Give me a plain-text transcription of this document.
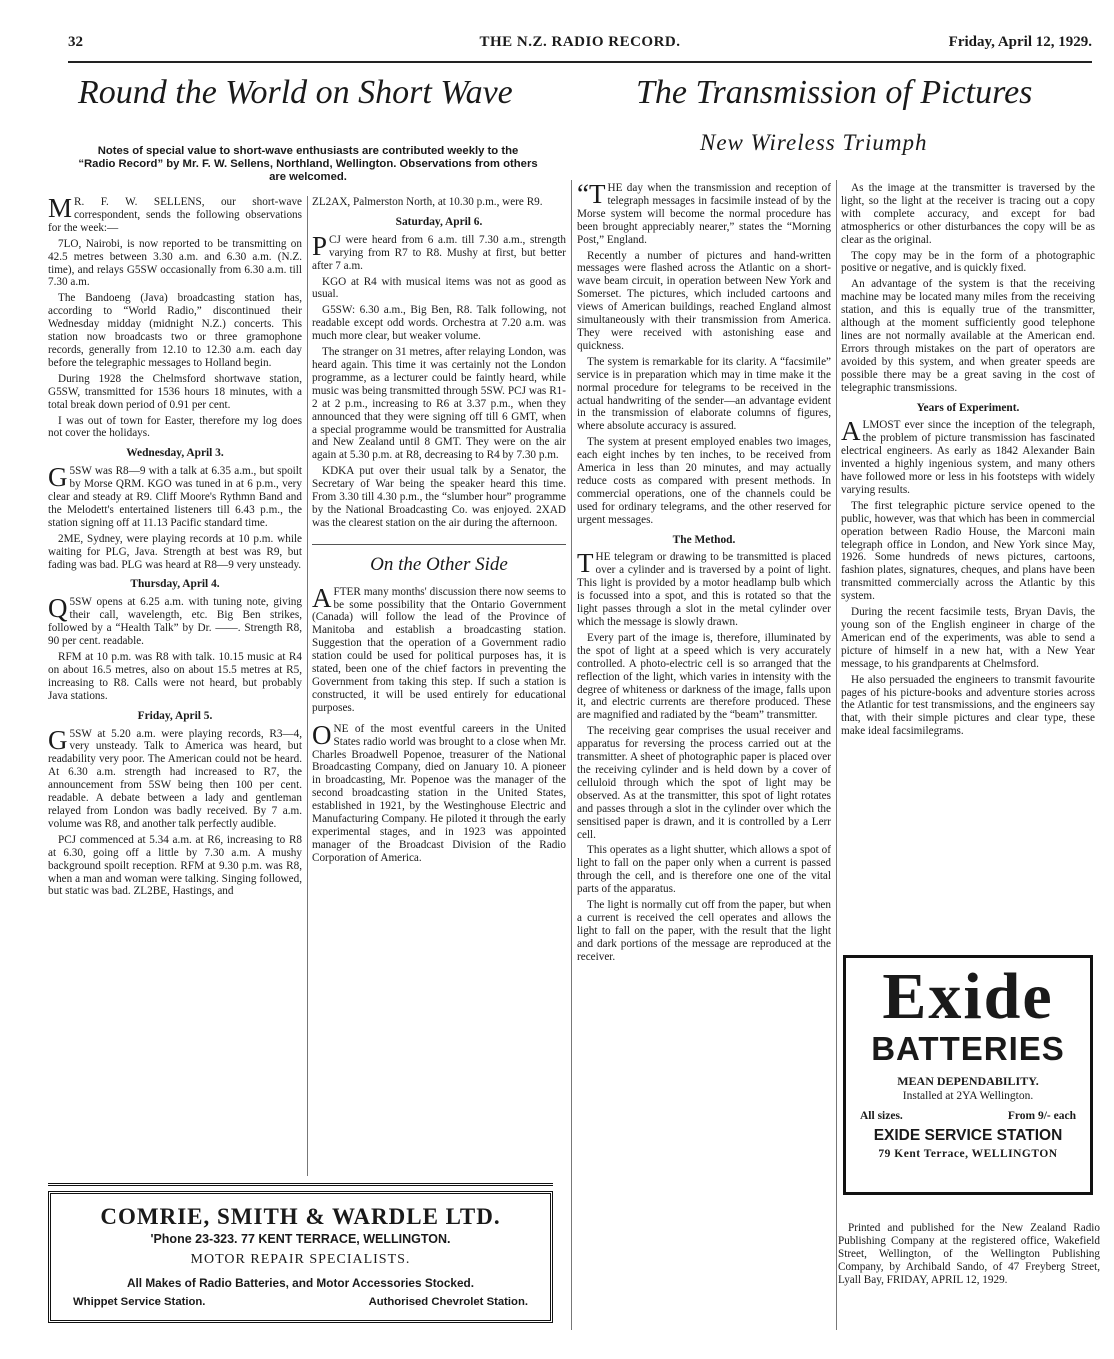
32	THE N.Z. RADIO RECORD.	Friday, April 12, 1929.
Round the World on Short Wave	The Transmission of Pictures
New Wireless Triumph
Notes of special value to short-wave enthusiasts are contributed weekly to the “Radio Record” by Mr. F. W. Sellens, Northland, Wellington. Observations from others are welcomed.

M R. F. W. SELLENS, our short-wave correspondent, sends the following observations for the week:—

7LO, Nairobi, is now reported to be transmitting on 42.5 metres between 3.30 a.m. and 6.30 a.m. (N.Z. time), and relays G5SW occasionally from 6.30 a.m. till 7.30 a.m.

The Bandoeng (Java) broadcasting station has, according to “World Radio,” discontinued their Wednesday midday (midnight N.Z.) concerts. This station now broadcasts two or three gramophone records, generally from 12.10 to 12.30 a.m. each day before the telegraphic messages to Holland begin.

During 1928 the Chelmsford shortwave station, G5SW, transmitted for 1536 hours 18 minutes, with a total break down period of 0.91 per cent.

I was out of town for Easter, therefore my log does not cover the holidays.

Wednesday, April 3.

G 5SW was R8—9 with a talk at 6.35 a.m., but spoilt by Morse QRM. KGO was tuned in at 6 p.m., very clear and steady at R9. Cliff Moore's Rythmn Band and the Melodett's entertained listeners till 6.43 p.m., the station signing off at 11.13 Pacific standard time.

2ME, Sydney, were playing records at 10 p.m. while waiting for PLG, Java. Strength at best was R9, but fading was bad. PLG was heard at R8—9 very unsteady.

Thursday, April 4.

Q 5SW opens at 6.25 a.m. with tuning note, giving their call, wavelength, etc. Big Ben strikes, followed by a “Health Talk” by Dr. ——. Strength R8, 90 per cent. readable.

RFM at 10 p.m. was R8 with talk. 10.15 music at R4 on about 16.5 metres, also on about 15.5 metres at R5, increasing to R8. Calls were not heard, but probably Java stations.

Friday, April 5.

G 5SW at 5.20 a.m. were playing records, R3—4, very unsteady. Talk to America was heard, but readability very poor. The American could not be heard. At 6.30 a.m. strength had increased to R7, the announcement from 5SW being then 100 per cent. readable. A debate between a lady and gentleman relayed from London was badly received. By 7 a.m. volume was R8, and another talk perfectly audible.

PCJ commenced at 5.34 a.m. at R6, increasing to R8 at 6.30, going off a little by 7.30 a.m. A mushy background spoilt reception. RFM at 9.30 p.m. was R8, when a man and woman were talking. Singing followed, but static was bad. ZL2BE, Hastings, and

ZL2AX, Palmerston North, at 10.30 p.m., were R9.

Saturday, April 6.

PCJ were heard from 6 a.m. till 7.30 a.m., strength varying from R7 to R8. Mushy at first, but better after 7 a.m.

KGO at R4 with musical items was not as good as usual.

G5SW: 6.30 a.m., Big Ben, R8. Talk following, not readable except odd words. Orchestra at 7.20 a.m. was much more clear, but weaker volume.

The stranger on 31 metres, after relaying London, was heard again. This time it was certainly not the London programme, as a lecturer could be faintly heard, while music was being transmitted through 5SW. PCJ was R1-2 at 2 p.m., increasing to R6 at 3.37 p.m., when they announced that they were signing off till 6 GMT, when a special programme would be transmitted for Australia and New Zealand until 8 GMT. They were on the air again at 5.30 p.m. at R8, decreasing to R4 by 7.30 p.m.

KDKA put over their usual talk by a Senator, the Secretary of War being the speaker heard this time. From 3.30 till 4.30 p.m., the “slumber hour” programme by the National Broadcasting Co. was enjoyed. 2XAD was the clearest station on the air during the afternoon.

On the Other Side

AFTER many months' discussion there now seems to be some possibility that the Ontario Government (Canada) will follow the lead of the Province of Manitoba and establish a broadcasting station. Suggestion that the operation of a Government radio station could be used for political purposes has, it is stated, been one of the chief factors in preventing the Government from taking this step. If such a station is constructed, it will be used entirely for educational purposes.

ONE of the most eventful careers in the United States radio world was brought to a close when Mr. Charles Broadwell Popenoe, treasurer of the National Broadcasting Company, died on January 10. A pioneer in broadcasting, Mr. Popenoe was the manager of the second broadcasting station in the United States, established in 1921, by the Westinghouse Electric and Manufacturing Company. He piloted it through the early experimental stages, and in 1923 was appointed manager of the Broadcast Division of the Radio Corporation of America.

“THE day when the transmission and reception of telegraph messages in facsimile instead of by the Morse system will become the normal procedure has been brought appreciably nearer,” states the “Morning Post,” England.

Recently a number of pictures and hand-written messages were flashed across the Atlantic on a short-wave beam circuit, in operation between New York and Somerset. The pictures, which included cartoons and views of American buildings, reached England almost simultaneously with their transmission from America. They were received with astonishing ease and quickness.

The system is remarkable for its clarity. A “facsimile” service is in preparation which may in time make it the normal procedure for telegrams to be received in the actual handwriting of the sender—an advantage evident in the transmission of elaborate columns of figures, where absolute accuracy is assured.

The system at present employed enables two images, each eight inches by ten inches, to be received from America in less than 20 minutes, and may actually reduce costs as compared with present methods. In commercial operations, one of the channels could be used for ordinary telegrams, and the other reserved for urgent messages.

The Method.

THE telegram or drawing to be transmitted is placed over a cylinder and is traversed by a point of light. This light is provided by a motor headlamp bulb which is focussed into a spot, and this is rotated so that the light passes through a slot in the metal cylinder over which the message is slowly drawn.

Every part of the image is, therefore, illuminated by the spot of light at a speed which is very accurately controlled. A photo-electric cell is so arranged that the reflection of the light, which varies in intensity with the degree of whiteness or darkness of the image, falls upon it, and electric currents are therefore produced. These are magnified and radiated by the “beam” transmitter.

The receiving gear comprises the usual receiver and apparatus for reversing the process carried out at the transmitter. A sheet of photographic paper is placed over the receiving cylinder and is held down by a cover of celluloid through which the spot of light may be observed. As at the transmitter, this spot of light rotates and passes through a slot in the cylinder over which the sensitised paper is drawn, and it is controlled by a Lerr cell.

This operates as a light shutter, which allows a spot of light to fall on the paper only when a current is passed through the cell, and is therefore one one of the vital parts of the apparatus.

The light is normally cut off from the paper, but when a current is received the cell operates and allows the light to fall on the paper, with the result that the light and dark portions of the message are reproduced at the receiver.

As the image at the transmitter is traversed by the light, so the light at the receiver is tracing out a copy with complete accuracy, and except for bad atmospherics or other disturbances the copy will be as clear as the original.

The copy may be in the form of a photographic positive or negative, and is quickly fixed.

An advantage of the system is that the receiving machine may be located many miles from the receiving station, and this is equally true of the transmitter, although at the moment sufficiently good telephone lines are not normally available at the American end. Errors through mistakes on the part of operators are avoided by this system, and when greater speeds are possible there may be a great saving in the cost of telegraphic transmissions.

Years of Experiment.

ALMOST ever since the inception of the telegraph, the problem of picture transmission has fascinated electrical engineers. As early as 1842 Alexander Bain invented a highly ingenious system, and many others have followed more or less in his footsteps with widely varying results.

The first telegraphic picture service opened to the public, however, was that which has been in commercial operation between Radio House, the Marconi main telegraph office in London, and New York since May, 1926. Some hundreds of news pictures, cartoons, fashion plates, signatures, cheques, and plans have been transmitted commercially across the Atlantic by this system.

During the recent facsimile tests, Bryan Davis, the young son of the English engineer in charge of the American end of the experiments, was able to send a picture of himself in a new hat, with a New Year message, to his grandparents at Chelmsford.

He also persuaded the engineers to transmit favourite pages of his picture-books and adventure stories across the Atlantic for test transmissions, and the engineers say that, with their simple pictures and clear type, these make ideal facsimilegrams.

COMRIE, SMITH & WARDLE LTD.
'Phone 23-323. 77 KENT TERRACE, WELLINGTON.
MOTOR REPAIR SPECIALISTS.
All Makes of Radio Batteries, and Motor Accessories Stocked.
Whippet Service Station.	Authorised Chevrolet Station.
Exide
BATTERIES
MEAN DEPENDABILITY.
Installed at 2YA Wellington.
All sizes.	From 9/- each
EXIDE SERVICE STATION
79 Kent Terrace, WELLINGTON
Printed and published for the New Zealand Radio Publishing Company at the registered office, Wakefield Street, Wellington, of the Wellington Publishing Company, by Archibald Sando, of 47 Freyberg Street, Lyall Bay, FRIDAY, APRIL 12, 1929.
